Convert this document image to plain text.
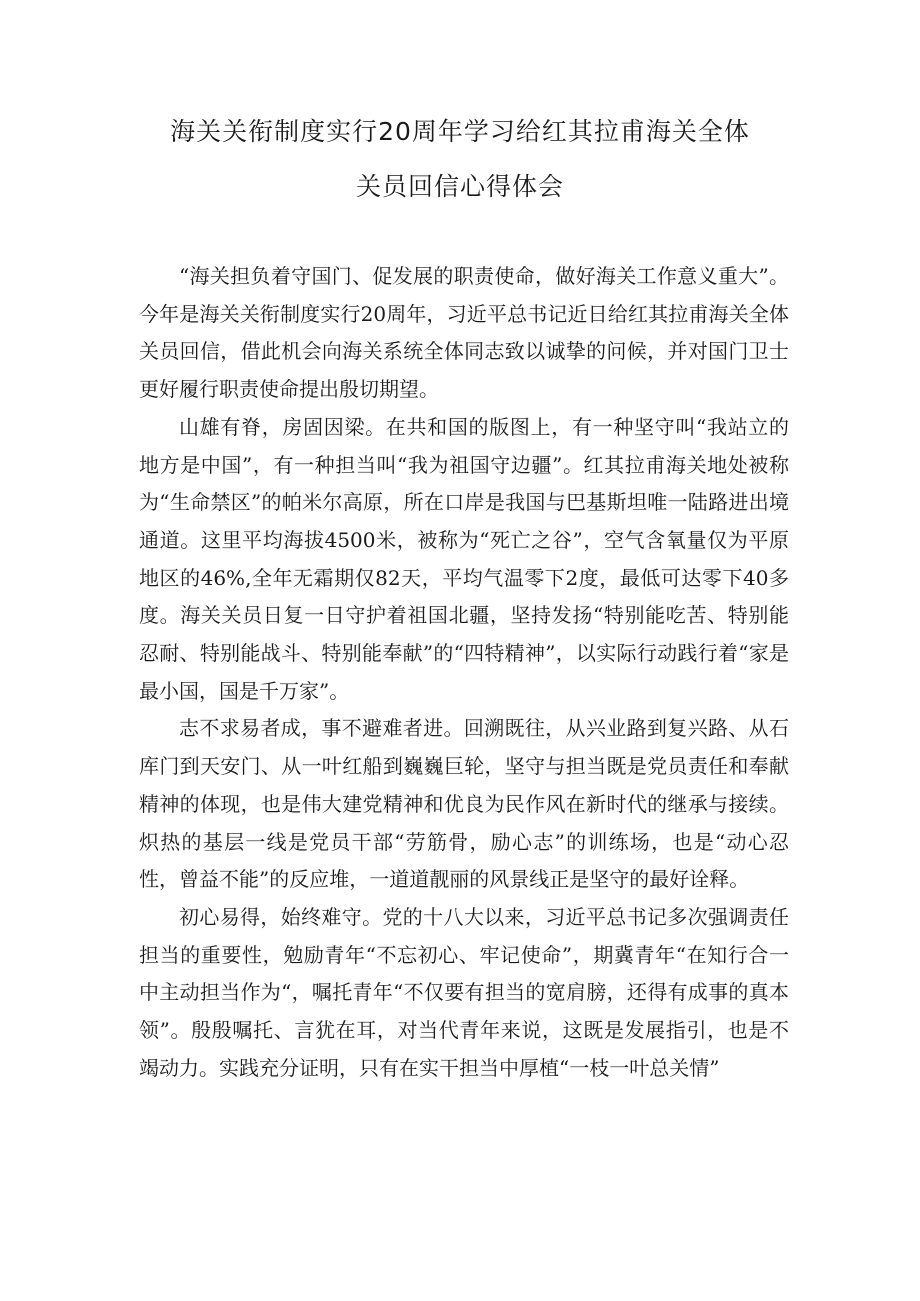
海关关衔制度实行20周年学习给红其拉甫海关全体
关员回信心得体会

“海关担负着守国门、促发展的职责使命，做好海关工作意义重大”。今年是海关关衔制度实行20周年，习近平总书记近日给红其拉甫海关全体关员回信，借此机会向海关系统全体同志致以诚挚的问候，并对国门卫士更好履行职责使命提出殷切期望。

山雄有脊，房固因梁。在共和国的版图上，有一种坚守叫“我站立的地方是中国”，有一种担当叫“我为祖国守边疆”。红其拉甫海关地处被称为“生命禁区”的帕米尔高原，所在口岸是我国与巴基斯坦唯一陆路进出境通道。这里平均海拔4500米，被称为“死亡之谷”，空气含氧量仅为平原地区的46%,全年无霜期仅82天，平均气温零下2度，最低可达零下40多度。海关关员日复一日守护着祖国北疆，坚持发扬“特别能吃苦、特别能忍耐、特别能战斗、特别能奉献”的“四特精神”，以实际行动践行着“家是最小国，国是千万家”。

志不求易者成，事不避难者进。回溯既往，从兴业路到复兴路、从石库门到天安门、从一叶红船到巍巍巨轮，坚守与担当既是党员责任和奉献精神的体现，也是伟大建党精神和优良为民作风在新时代的继承与接续。炽热的基层一线是党员干部“劳筋骨，励心志”的训练场，也是“动心忍性，曾益不能”的反应堆，一道道靓丽的风景线正是坚守的最好诠释。

初心易得，始终难守。党的十八大以来，习近平总书记多次强调责任担当的重要性，勉励青年“不忘初心、牢记使命”，期冀青年“在知行合一中主动担当作为“，嘱托青年“不仅要有担当的宽肩膀，还得有成事的真本领”。殷殷嘱托、言犹在耳，对当代青年来说，这既是发展指引，也是不竭动力。实践充分证明，只有在实干担当中厚植“一枝一叶总关情”
